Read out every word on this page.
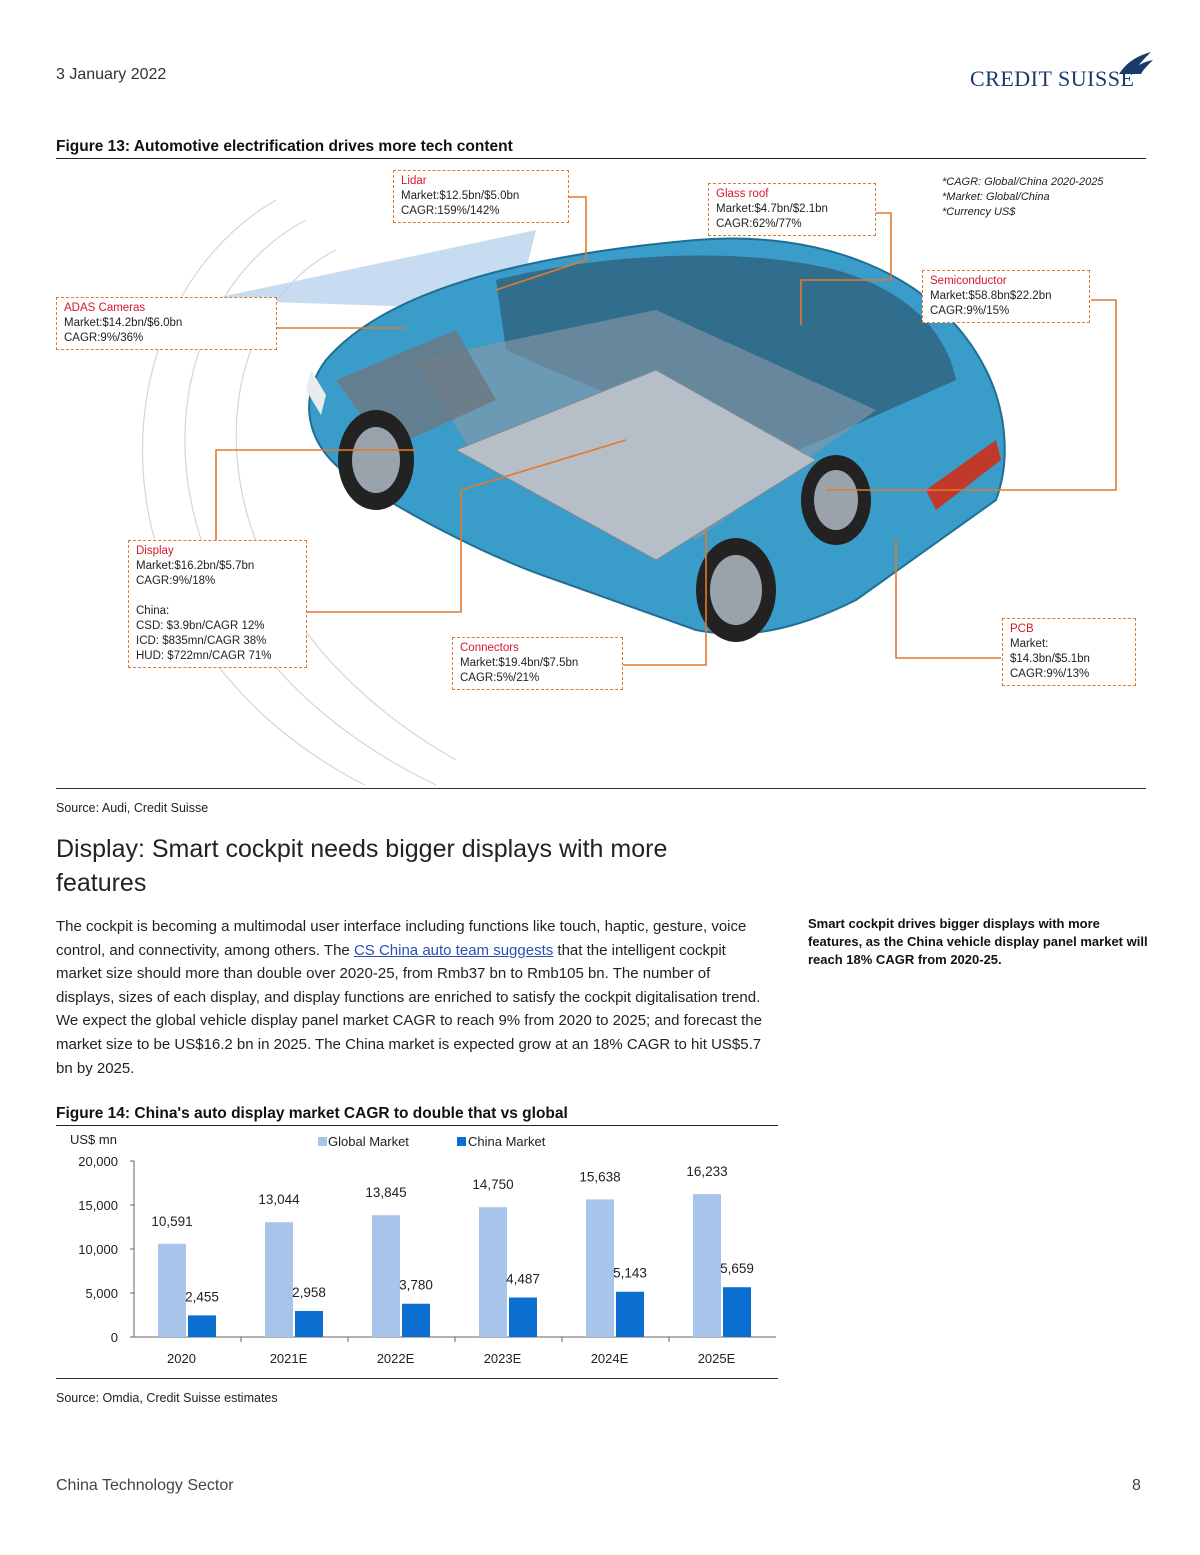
3 January 2022	CREDIT SUISSE
Figure 13: Automotive electrification drives more tech content
Lidar
Market:$12.5bn/$5.0bn
CAGR:159%/142%
Glass roof
Market:$4.7bn/$2.1bn
CAGR:62%/77%
*CAGR: Global/China 2020-2025
*Market: Global/China
*Currency US$
Semiconductor
Market:$58.8bn$22.2bn
CAGR:9%/15%
ADAS Cameras
Market:$14.2bn/$6.0bn
CAGR:9%/36%
Display
Market:$16.2bn/$5.7bn
CAGR:9%/18%
China:
CSD: $3.9bn/CAGR 12%
ICD: $835mn/CAGR 38%
HUD: $722mn/CAGR 71%
Connectors
Market:$19.4bn/$7.5bn
CAGR:5%/21%
PCB
Market:
$14.3bn/$5.1bn
CAGR:9%/13%
Source: Audi, Credit Suisse
Display: Smart cockpit needs bigger displays with more features
The cockpit is becoming a multimodal user interface including functions like touch, haptic, gesture, voice control, and connectivity, among others. The CS China auto team suggests that the intelligent cockpit market size should more than double over 2020-25, from Rmb37 bn to Rmb105 bn. The number of displays, sizes of each display, and display functions are enriched to satisfy the cockpit digitalisation trend. We expect the global vehicle display panel market CAGR to reach 9% from 2020 to 2025; and forecast the market size to be US$16.2 bn in 2025. The China market is expected grow at an 18% CAGR to hit US$5.7 bn by 2025.
Smart cockpit drives bigger displays with more features, as the China vehicle display panel market will reach 18% CAGR from 2020-25.
Figure 14: China's auto display market CAGR to double that vs global
US$ mn	Global Market	China Market
0
5,000
10,000
15,000
20,000
10,591
2,455
2020
13,044
2,958
2021E
13,845
3,780
2022E
14,750
4,487
2023E
15,638
5,143
2024E
16,233
5,659
2025E
Source: Omdia, Credit Suisse estimates
China Technology Sector	8
